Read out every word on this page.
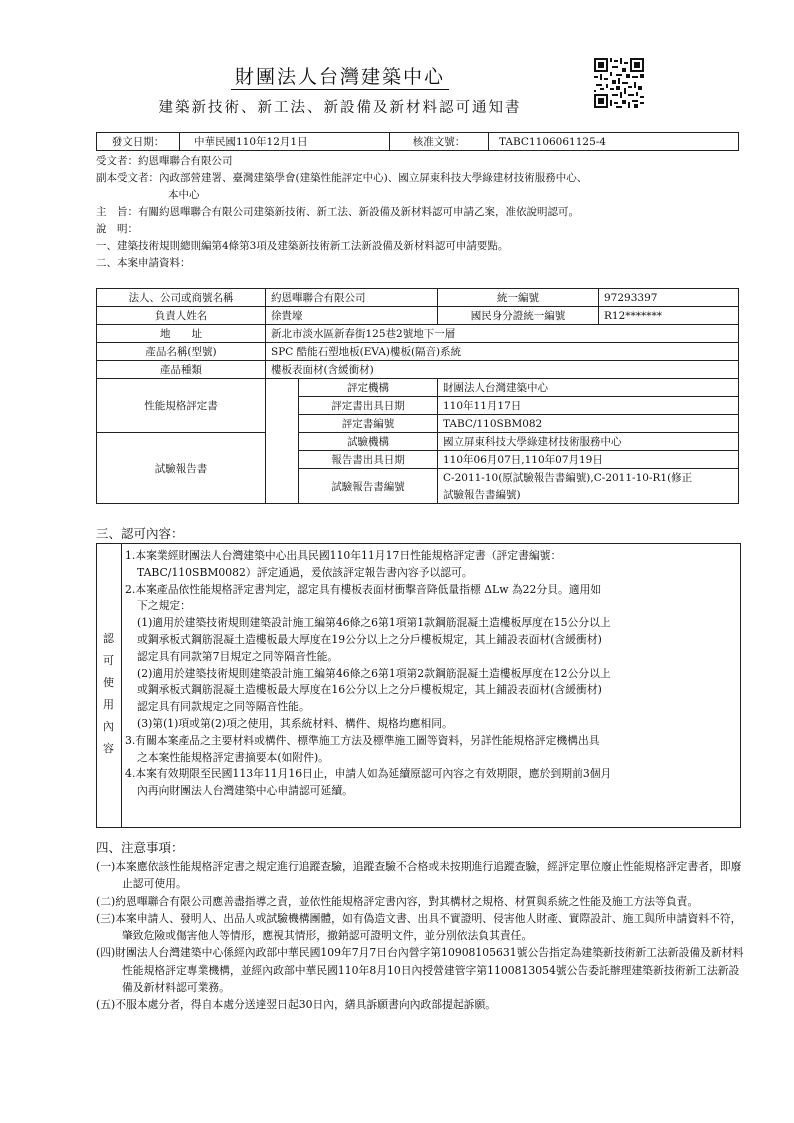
財團法人台灣建築中心
建築新技術、新工法、新設備及新材料認可通知書
發文日期：	中華民國110年12月1日	核准文號：	TABC1106061125-4
受文者：約恩嗶聯合有限公司
副本受文者：內政部營建署、臺灣建築學會(建築性能評定中心)、國立屏東科技大學綠建材技術服務中心、
本中心
主　旨：有關約恩嗶聯合有限公司建築新技術、新工法、新設備及新材料認可申請乙案，准依說明認可。
說　明：
一、建築技術規則總則編第4條第3項及建築新技術新工法新設備及新材料認可申請要點。
二、本案申請資料：
法人、公司或商號名稱	約恩嗶聯合有限公司		統一編號	97293397
負責人姓名	徐貴壕		國民身分證統一編號	R12*******
地　　址	新北市淡水區新春街125巷2號地下一層			
產品名稱(型號)	SPC 酷能石塑地板(EVA)樓板(隔音)系統			
產品種類	樓板表面材(含緩衝材)			
性能規格評定書		評定機構	財團法人台灣建築中心	
		評定書出具日期	110年11月17日	
		評定書編號	TABC/110SBM082	
試驗報告書		試驗機構	國立屏東科技大學綠建材技術服務中心	
		報告書出具日期	110年06月07日,110年07月19日	
		試驗報告書編號	C-2011-10(原試驗報告書編號),C-2011-10-R1(修正	
			試驗報告書編號)	
三、認可內容：
認
可
使
用
內
容

1.本案業經財團法人台灣建築中心出具民國110年11月17日性能規格評定書（評定書編號：

TABC/110SBM0082）評定通過，爰依該評定報告書內容予以認可。

2.本案產品依性能規格評定書判定，認定具有樓板表面材衝擊音降低量指標 ΔLw 為22分貝。適用如

下之規定：

(1)適用於建築技術規則建築設計施工編第46條之6第1項第1款鋼筋混凝土造樓板厚度在15公分以上

或鋼承板式鋼筋混凝土造樓板最大厚度在19公分以上之分戶樓板規定，其上鋪設表面材(含緩衝材)

認定具有同款第7目規定之同等隔音性能。

(2)適用於建築技術規則建築設計施工編第46條之6第1項第2款鋼筋混凝土造樓板厚度在12公分以上

或鋼承板式鋼筋混凝土造樓板最大厚度在16公分以上之分戶樓板規定，其上鋪設表面材(含緩衝材)

認定具有同款規定之同等隔音性能。

(3)第(1)項或第(2)項之使用，其系統材料、構件、規格均應相同。

3.有關本案產品之主要材料或構件、標準施工方法及標準施工圖等資料，另詳性能規格評定機構出具

之本案性能規格評定書摘要本(如附件)。

4.本案有效期限至民國113年11月16日止，申請人如為延續原認可內容之有效期限，應於到期前3個月

內再向財團法人台灣建築中心申請認可延續。

四、注意事項：

(一)本案應依該性能規格評定書之規定進行追蹤查驗，追蹤查驗不合格或未按期進行追蹤查驗，經評定單位廢止性能規格評定書者，即廢止認可使用。

(二)約恩嗶聯合有限公司應善盡指導之責，並依性能規格評定書內容，對其構材之規格、材質與系統之性能及施工方法等負責。

(三)本案申請人、發明人、出品人或試驗機構團體，如有偽造文書、出具不實證明、侵害他人財產、實際設計、施工與所申請資料不符，肇致危險或傷害他人等情形，應視其情形，撤銷認可證明文件，並分別依法負其責任。

(四)財團法人台灣建築中心係經內政部中華民國109年7月7日台內營字第10908105631號公告指定為建築新技術新工法新設備及新材料性能規格評定專業機構，並經內政部中華民國110年8月10日內授營建管字第1100813054號公告委託辦理建築新技術新工法新設備及新材料認可業務。

(五)不服本處分者，得自本處分送達翌日起30日內，繕具訴願書向內政部提起訴願。
